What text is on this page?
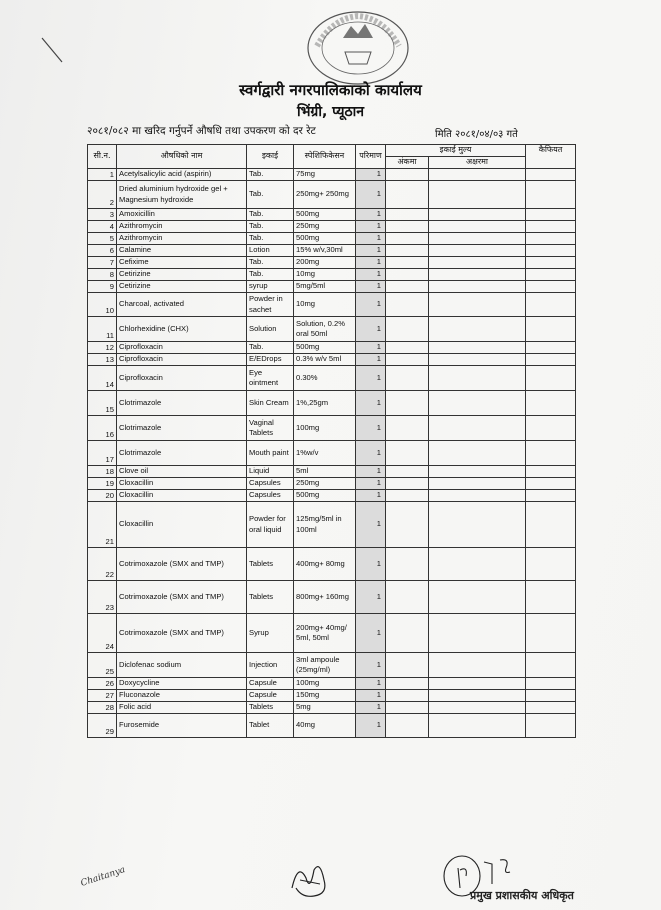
स्वर्गद्वारी नगरपालिकाको कार्यालय
भिंग्री, प्यूठान
२०८१/०८२ मा खरिद गर्नुपर्ने औषधि तथा उपकरण को दर रेट	मिति २०८१/०४/०३ गते
सी.न.	औषधिको नाम	इकाई	स्पेशिफिकेसन	परिमाण	इकाई मुल्य		कैफियत
					अंकमा	अक्षरमा	
1	Acetylsalicylic acid (aspirin)	Tab.	75mg	1			
2	Dried aluminium hydroxide gel + Magnesium hydroxide	Tab.	250mg+ 250mg	1			
3	Amoxicillin	Tab.	500mg	1			
4	Azithromycin	Tab.	250mg	1			
5	Azithromycin	Tab.	500mg	1			
6	Calamine	Lotion	15% w/v,30ml	1			
7	Cefixime	Tab.	200mg	1			
8	Cetirizine	Tab.	10mg	1			
9	Cetirizine	syrup	5mg/5ml	1			
10	Charcoal, activated	Powder in sachet	10mg	1			
11	Chlorhexidine (CHX)	Solution	Solution, 0.2% oral 50ml	1			
12	Ciprofloxacin	Tab.	500mg	1			
13	Ciprofloxacin	E/EDrops	0.3% w/v 5ml	1			
14	Ciprofloxacin	Eye ointment	0.30%	1			
15	Clotrimazole	Skin Cream	1%,25gm	1			
16	Clotrimazole	Vaginal Tablets	100mg	1			
17	Clotrimazole	Mouth paint	1%w/v	1			
18	Clove oil	Liquid	5ml	1			
19	Cloxacillin	Capsules	250mg	1			
20	Cloxacillin	Capsules	500mg	1			
21	Cloxacillin	Powder for oral liquid	125mg/5ml in 100ml	1			
22	Cotrimoxazole (SMX and TMP)	Tablets	400mg+ 80mg	1			
23	Cotrimoxazole (SMX and TMP)	Tablets	800mg+ 160mg	1			
24	Cotrimoxazole (SMX and TMP)	Syrup	200mg+ 40mg/ 5ml, 50ml	1			
25	Diclofenac sodium	Injection	3ml ampoule (25mg/ml)	1			
26	Doxycycline	Capsule	100mg	1			
27	Fluconazole	Capsule	150mg	1			
28	Folic acid	Tablets	5mg	1			
29	Furosemide	Tablet	40mg	1			
Chaitanya
प्रमुख प्रशासकीय अधिकृत
